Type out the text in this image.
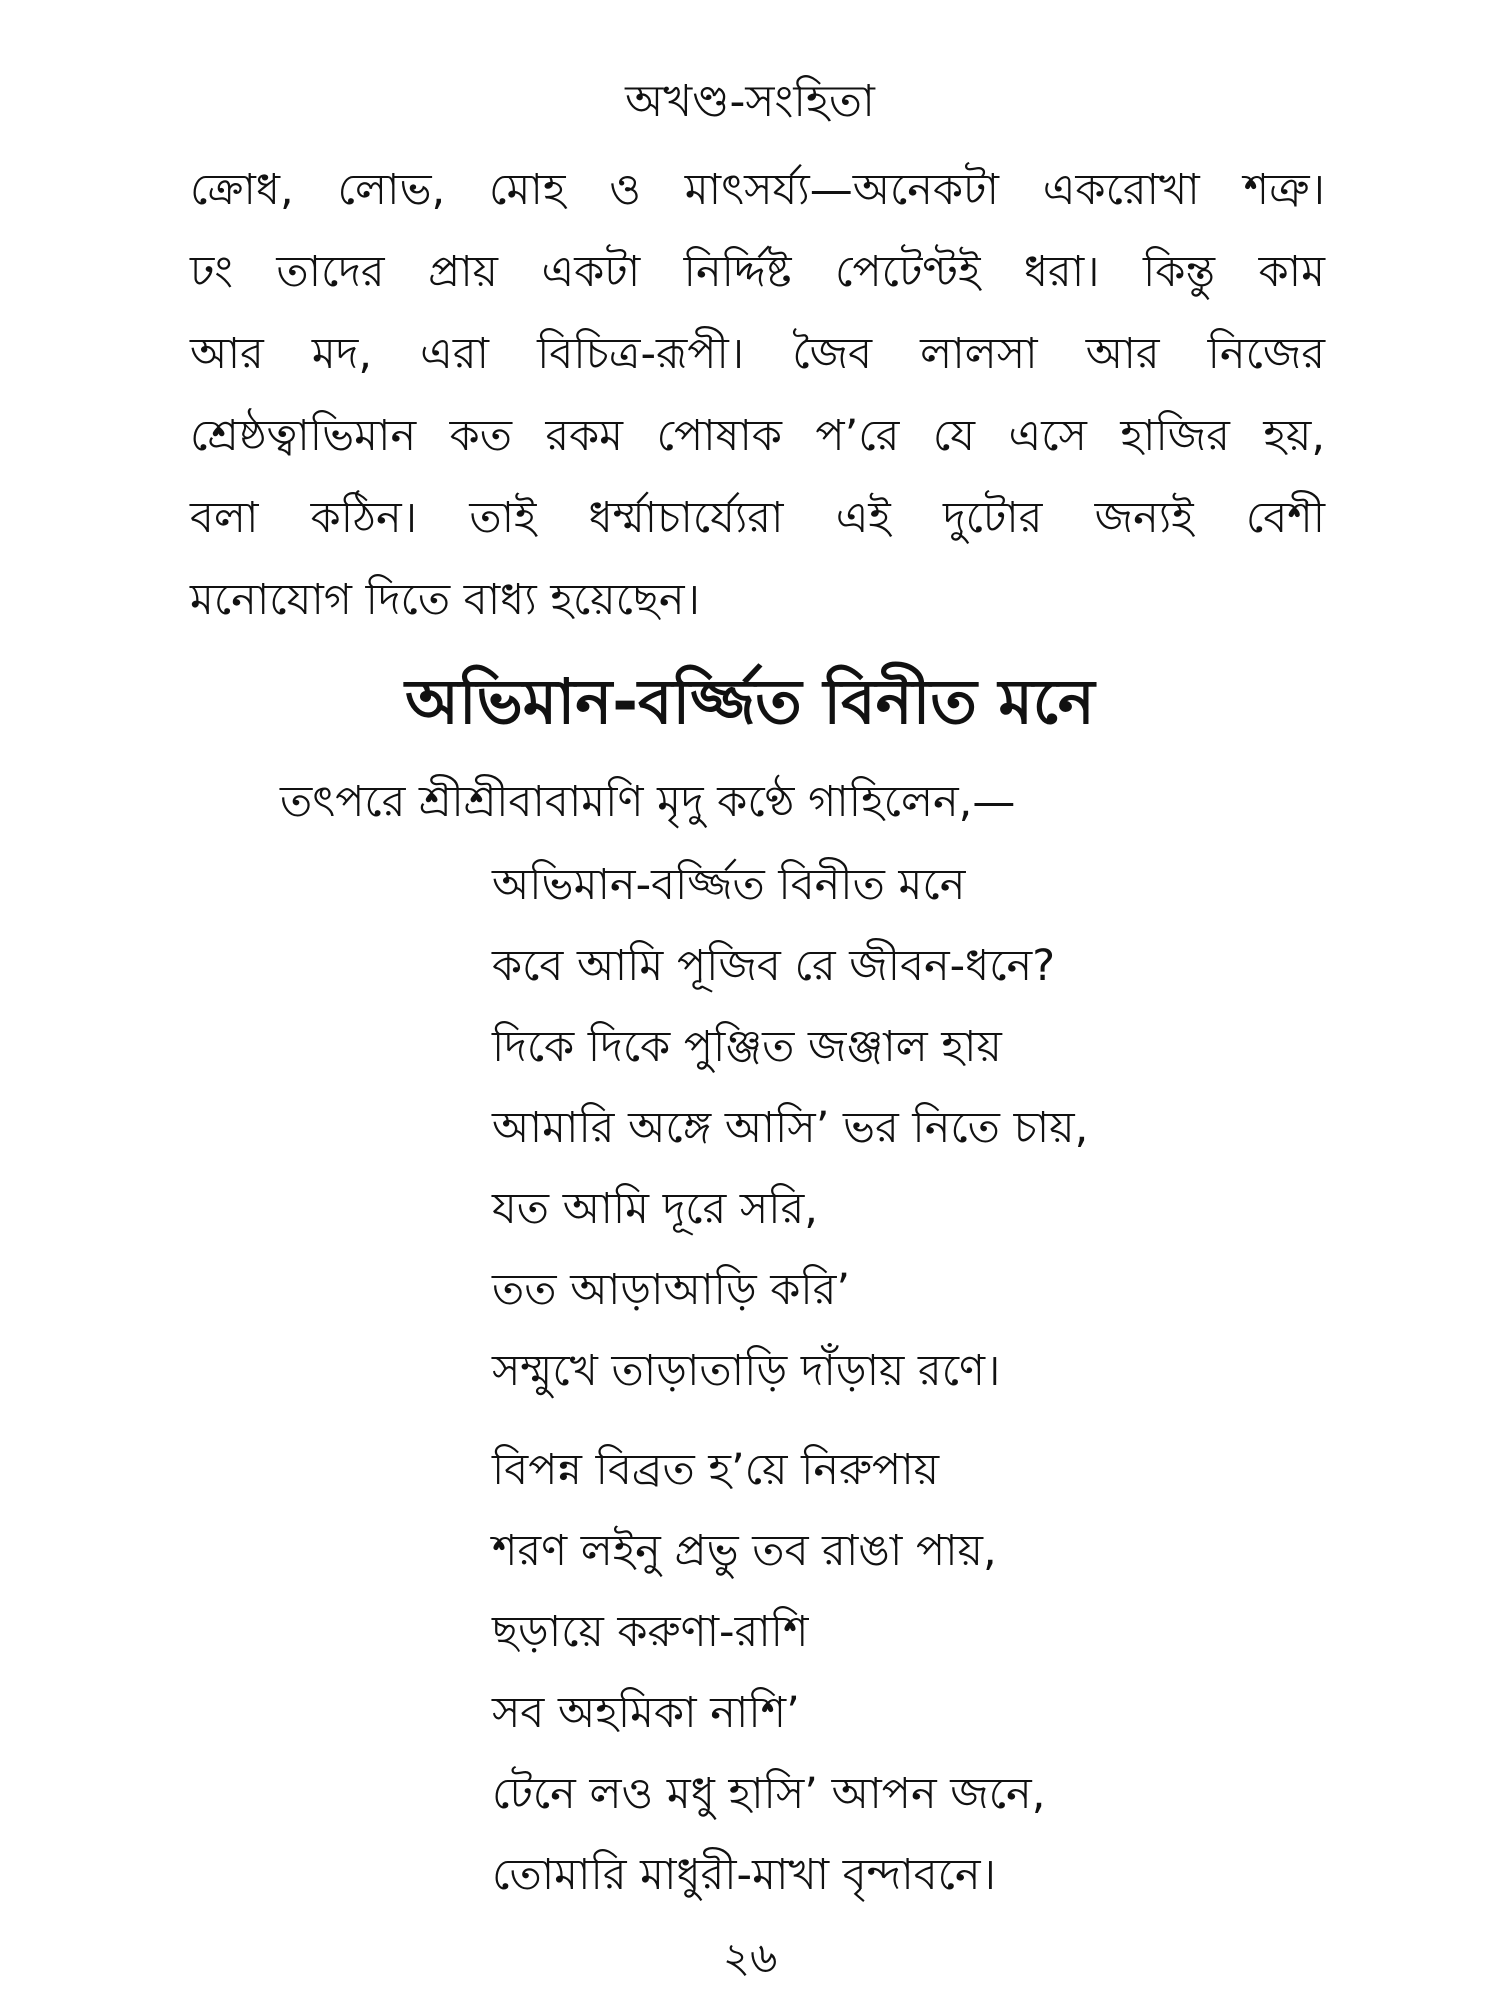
অখণ্ড-সংহিতা
ক্রোধ, লোভ, মোহ ও মাৎসর্য্য—অনেকটা একরোখা শত্রু।
ঢং তাদের প্রায় একটা নির্দ্দিষ্ট পেটেণ্টই ধরা। কিন্তু কাম
আর মদ, এরা বিচিত্র-রূপী। জৈব লালসা আর নিজের
শ্রেষ্ঠত্বাভিমান কত রকম পোষাক প’রে যে এসে হাজির হয়,
বলা কঠিন। তাই ধর্ম্মাচার্য্যেরা এই দুটোর জন্যই বেশী
মনোযোগ দিতে বাধ্য হয়েছেন।
অভিমান-বর্জ্জিত বিনীত মনে
তৎপরে শ্রীশ্রীবাবামণি মৃদু কণ্ঠে গাহিলেন,—
অভিমান-বর্জ্জিত বিনীত মনে
কবে আমি পূজিব রে জীবন-ধনে?
দিকে দিকে পুঞ্জিত জঞ্জাল হায়
আমারি অঙ্গে আসি’ ভর নিতে চায়,
যত আমি দূরে সরি,
তত আড়াআড়ি করি’
সম্মুখে তাড়াতাড়ি দাঁড়ায় রণে।
বিপন্ন বিব্রত হ’য়ে নিরুপায়
শরণ লইনু প্রভু তব রাঙা পায়,
ছড়ায়ে করুণা-রাশি
সব অহমিকা নাশি’
টেনে লও মধু হাসি’ আপন জনে,
তোমারি মাধুরী-মাখা বৃন্দাবনে।
২৬
